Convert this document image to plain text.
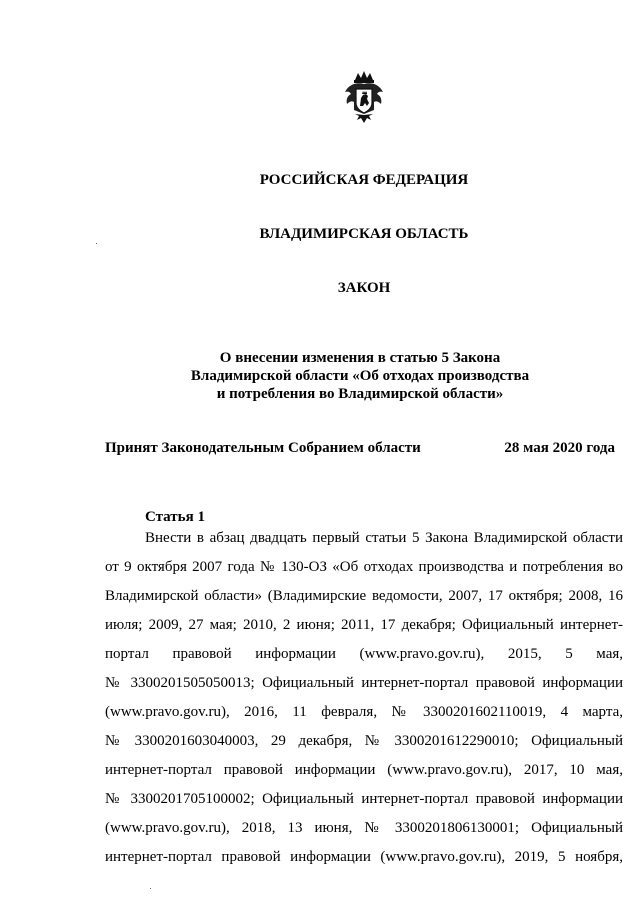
РОССИЙСКАЯ ФЕДЕРАЦИЯ
ВЛАДИМИРСКАЯ ОБЛАСТЬ
ЗАКОН
О внесении изменения в статью 5 Закона
Владимирской области «Об отходах производства
и потребления во Владимирской области»
Принят Законодательным Собранием области	28 мая 2020 года
Статья 1
Внести в абзац двадцать первый статьи 5 Закона Владимирской области
от 9 октября 2007 года № 130-ОЗ «Об отходах производства и потребления во
Владимирской области» (Владимирские ведомости, 2007, 17 октября; 2008, 16
июля; 2009, 27 мая; 2010, 2 июня; 2011, 17 декабря; Официальный интернет-
портал правовой информации (www.pravo.gov.ru), 2015, 5 мая,
№ 3300201505050013; Официальный интернет-портал правовой информации
(www.pravo.gov.ru), 2016, 11 февраля, № 3300201602110019, 4 марта,
№ 3300201603040003, 29 декабря, № 3300201612290010; Официальный
интернет-портал правовой информации (www.pravo.gov.ru), 2017, 10 мая,
№ 3300201705100002; Официальный интернет-портал правовой информации
(www.pravo.gov.ru), 2018, 13 июня, № 3300201806130001; Официальный
интернет-портал правовой информации (www.pravo.gov.ru), 2019, 5 ноября,
